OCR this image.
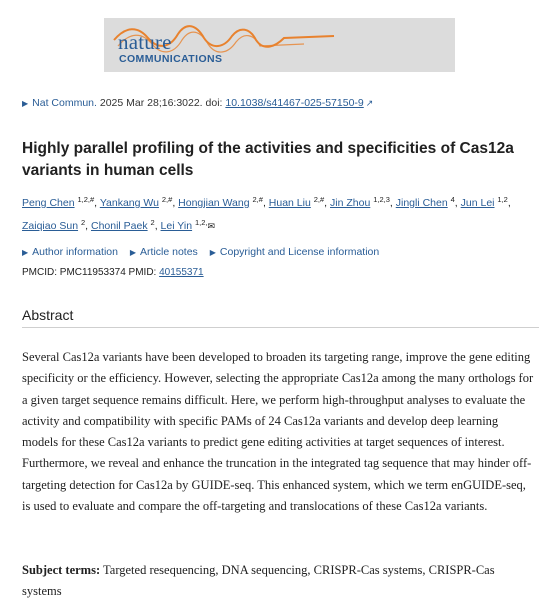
nature
COMMUNICATIONS
▶ Nat Commun. 2025 Mar 28;16:3022. doi: 10.1038/s41467-025-57150-9 ↗
Highly parallel profiling of the activities and specificities of Cas12a variants in human cells
Peng Chen $^{1,2,\#}$, Yankang Wu $^{2,\#}$, Hongjian Wang $^{2,\#}$, Huan Liu $^{2,\#}$, Jin Zhou $^{1,2,3}$, Jingli Chen $^4$, Jun Lei $^{1,2}$, Zaiqiao Sun $^2$, Chonil Paek $^2$, Lei Yin $^{1,2,}$✉
▶ Author information ▶ Article notes ▶ Copyright and License information
PMCID: PMC11953374 PMID: 40155371
Abstract

Several Cas12a variants have been developed to broaden its targeting range, improve the gene editing specificity or the efficiency. However, selecting the appropriate Cas12a among the many orthologs for a given target sequence remains difficult. Here, we perform high-throughput analyses to evaluate the activity and compatibility with specific PAMs of 24 Cas12a variants and develop deep learning models for these Cas12a variants to predict gene editing activities at target sequences of interest. Furthermore, we reveal and enhance the truncation in the integrated tag sequence that may hinder off-targeting detection for Cas12a by GUIDE-seq. This enhanced system, which we term enGUIDE-seq, is used to evaluate and compare the off-targeting and translocations of these Cas12a variants.

Subject terms: Targeted resequencing, DNA sequencing, CRISPR-Cas systems, CRISPR-Cas systems
